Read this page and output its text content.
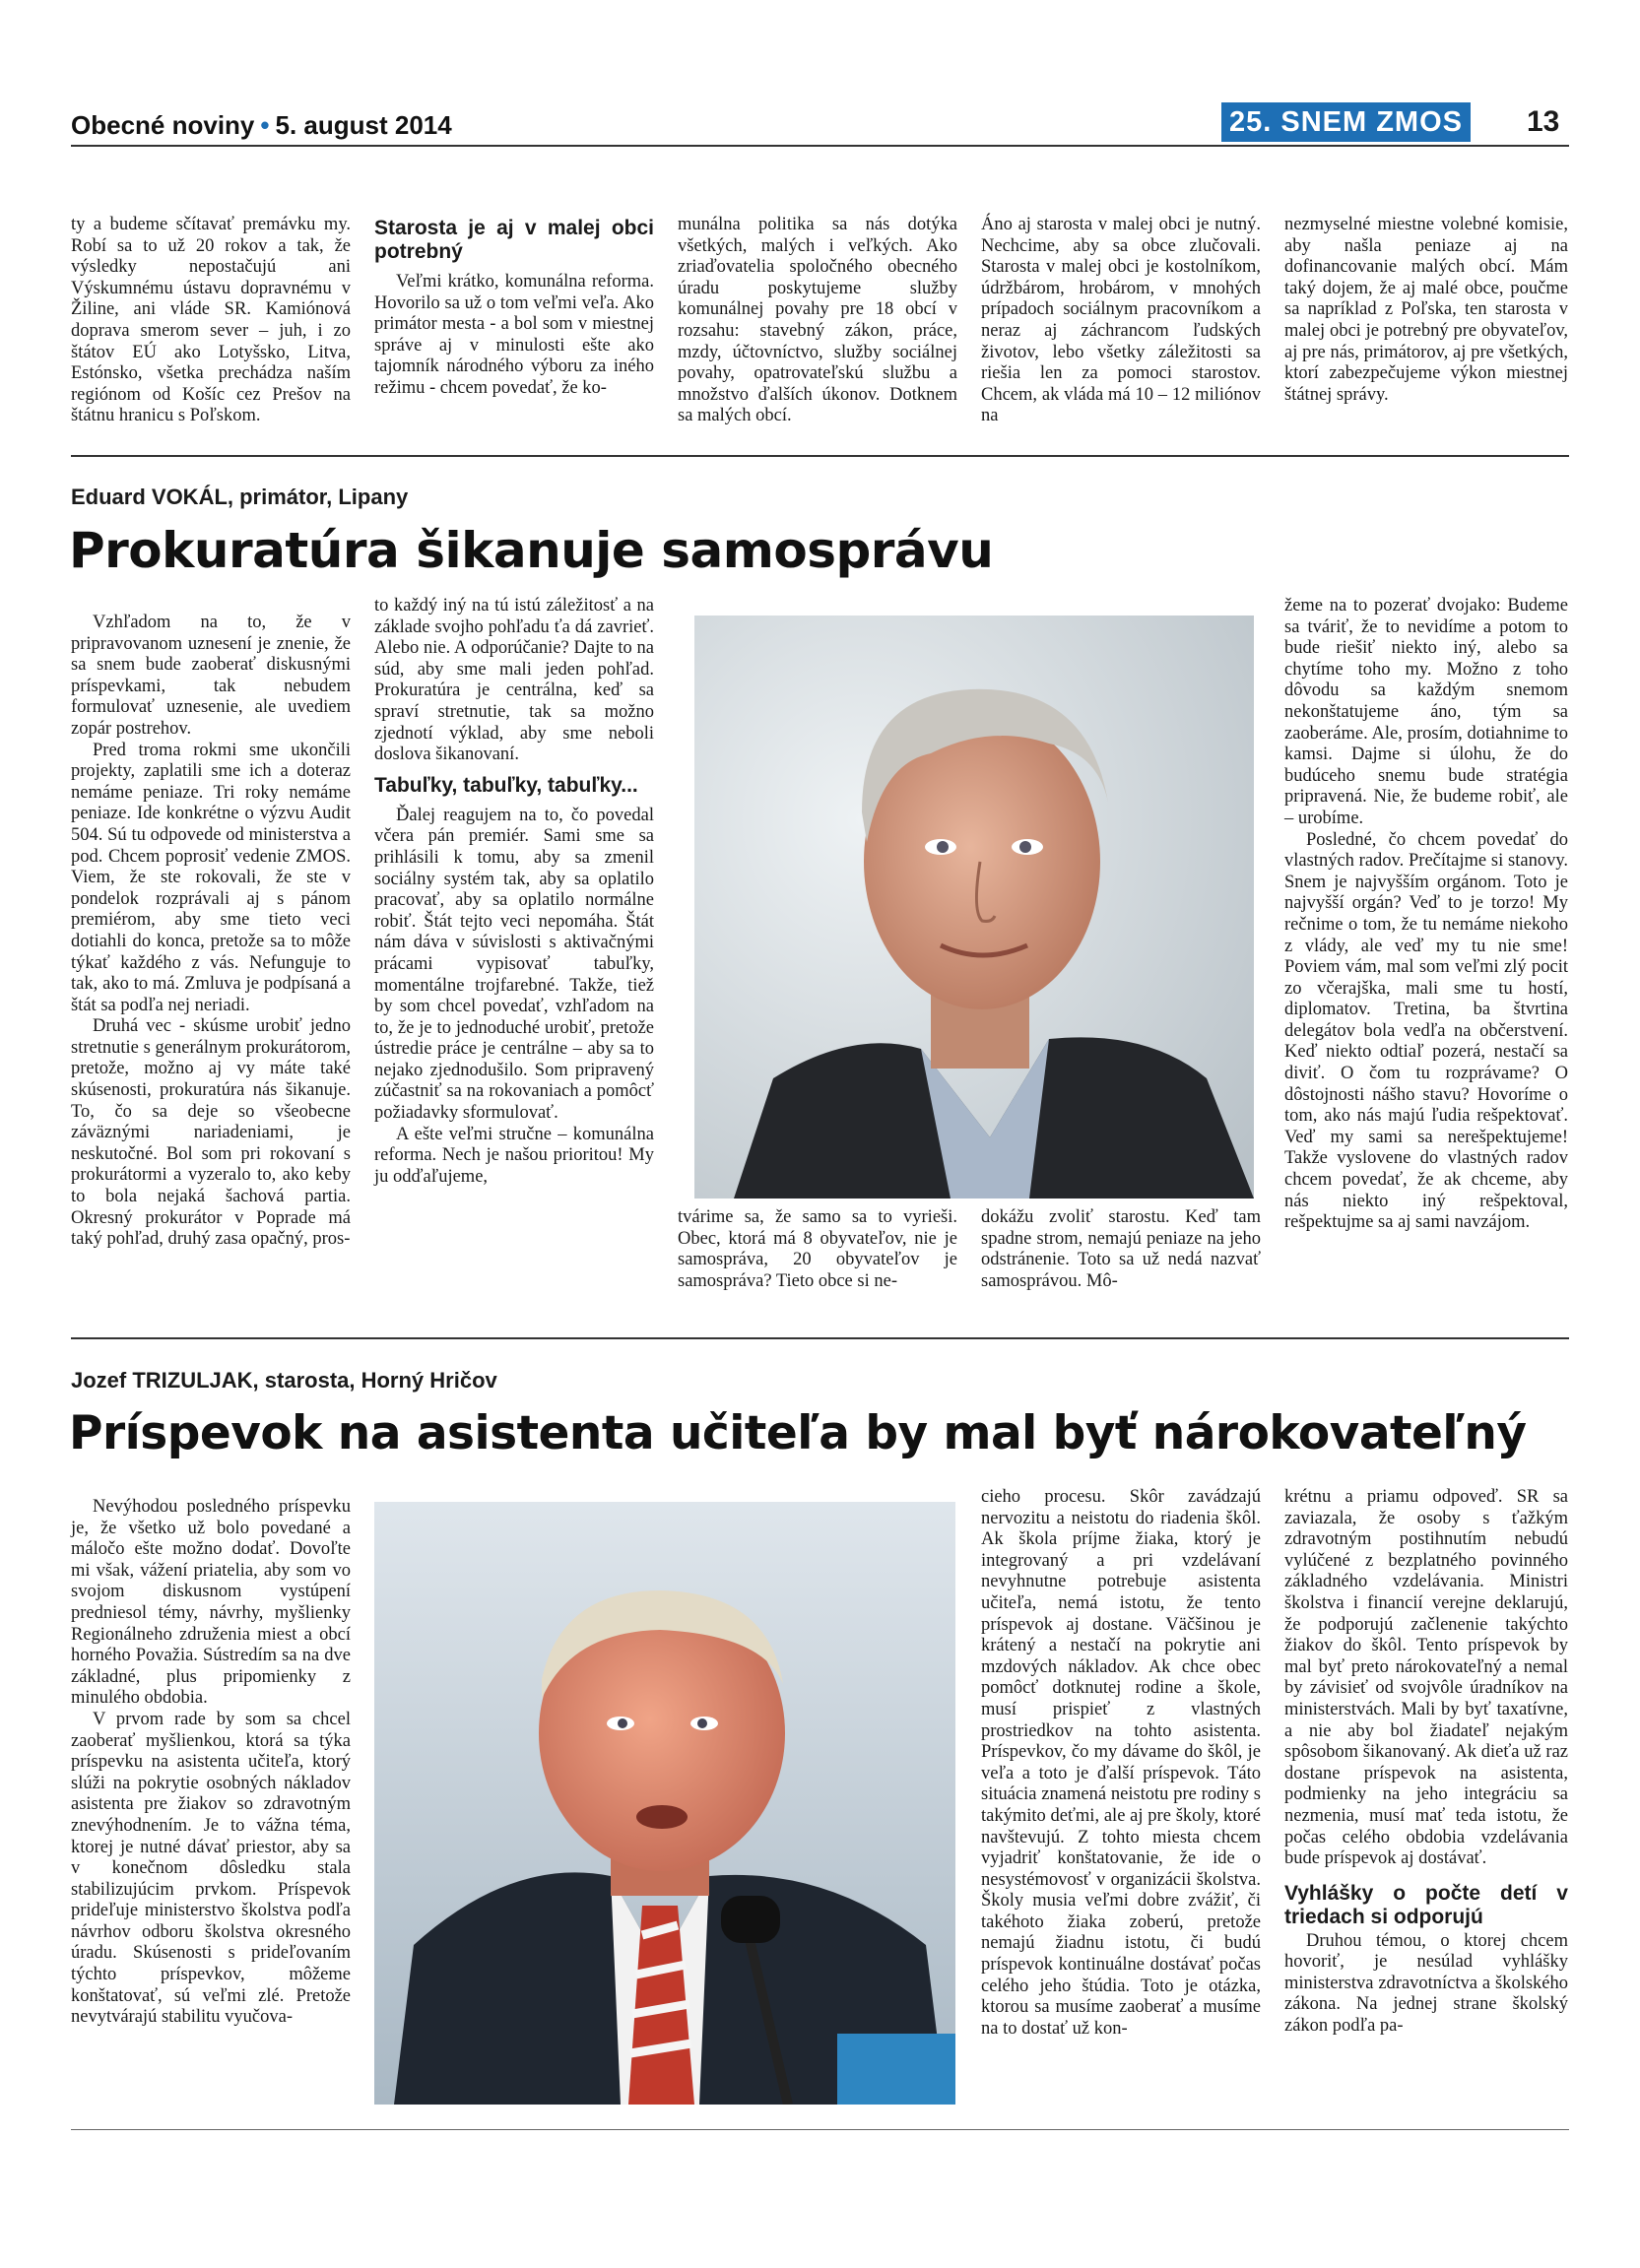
Obecné noviny • 5. august 2014	25. SNEM ZMOS 13

ty a budeme sčítavať premávku my. Robí sa to už 20 rokov a tak, že výsledky nepostačujú ani Výskumnému ústavu dopravnému v Žiline, ani vláde SR. Kamiónová doprava smerom sever – juh, i zo štátov EÚ ako Lotyšsko, Litva, Estónsko, všetka prechádza naším regiónom od Košíc cez Prešov na štátnu hranicu s Poľskom.

Starosta je aj v malej obci potrebný

Veľmi krátko, komunálna reforma. Hovorilo sa už o tom veľmi veľa. Ako primátor mesta - a bol som v miestnej správe aj v minulosti ešte ako tajomník národného výboru za iného režimu - chcem povedať, že ko-

munálna politika sa nás dotýka všetkých, malých i veľkých. Ako zriaďovatelia spoločného obecného úradu poskytujeme služby komunálnej povahy pre 18 obcí v rozsahu: stavebný zákon, práce, mzdy, účtovníctvo, služby sociálnej povahy, opatrovateľskú službu a množstvo ďalších úkonov. Dotknem sa malých obcí.

Áno aj starosta v malej obci je nutný. Nechcime, aby sa obce zlučovali. Starosta v malej obci je kostolníkom, údržbárom, hrobárom, v mnohých prípadoch sociálnym pracovníkom a neraz aj záchrancom ľudských životov, lebo všetky záležitosti sa riešia len za pomoci starostov. Chcem, ak vláda má 10 – 12 miliónov na

nezmyselné miestne volebné komisie, aby našla peniaze aj na dofinancovanie malých obcí. Mám taký dojem, že aj malé obce, poučme sa napríklad z Poľska, ten starosta v malej obci je potrebný pre obyvateľov, aj pre nás, primátorov, aj pre všetkých, ktorí zabezpečujeme výkon miestnej štátnej správy.

Eduard VOKÁL, primátor, Lipany
Prokuratúra šikanuje samosprávu

Vzhľadom na to, že v pripravovanom uznesení je znenie, že sa snem bude zaoberať diskusnými príspevkami, tak nebudem formulovať uznesenie, ale uvediem zopár postrehov.

Pred troma rokmi sme ukončili projekty, zaplatili sme ich a doteraz nemáme peniaze. Tri roky nemáme peniaze. Ide konkrétne o výzvu Audit 504. Sú tu odpovede od ministerstva a pod. Chcem poprosiť vedenie ZMOS. Viem, že ste rokovali, že ste v pondelok rozprávali aj s pánom premiérom, aby sme tieto veci dotiahli do konca, pretože sa to môže týkať každého z vás. Nefunguje to tak, ako to má. Zmluva je podpísaná a štát sa podľa nej neriadi.

Druhá vec - skúsme urobiť jedno stretnutie s generálnym prokurátorom, pretože, možno aj vy máte také skúsenosti, prokuratúra nás šikanuje. To, čo sa deje so všeobecne záväznými nariadeniami, je neskutočné. Bol som pri rokovaní s prokurátormi a vyzeralo to, ako keby to bola nejaká šachová partia. Okresný prokurátor v Poprade má taký pohľad, druhý zasa opačný, pros-

to každý iný na tú istú záležitosť a na základe svojho pohľadu ťa dá zavrieť. Alebo nie. A odporúčanie? Dajte to na súd, aby sme mali jeden pohľad. Prokuratúra je centrálna, keď sa spraví stretnutie, tak sa možno zjednotí výklad, aby sme neboli doslova šikanovaní.

Tabuľky, tabuľky, tabuľky...

Ďalej reagujem na to, čo povedal včera pán premiér. Sami sme sa prihlásili k tomu, aby sa zmenil sociálny systém tak, aby sa oplatilo pracovať, aby sa oplatilo normálne robiť. Štát tejto veci nepomáha. Štát nám dáva v súvislosti s aktivačnými prácami vypisovať tabuľky, momentálne trojfarebné. Takže, tiež by som chcel povedať, vzhľadom na to, že je to jednoduché urobiť, pretože ústredie práce je centrálne – aby sa to nejako zjednodušilo. Som pripravený zúčastniť sa na rokovaniach a pomôcť požiadavky sformulovať.

A ešte veľmi stručne – komunálna reforma. Nech je našou prioritou! My ju odďaľujeme,

tvárime sa, že samo sa to vyrieši. Obec, ktorá má 8 obyvateľov, nie je samospráva, 20 obyvateľov je samospráva? Tieto obce si ne-

dokážu zvoliť starostu. Keď tam spadne strom, nemajú peniaze na jeho odstránenie. Toto sa už nedá nazvať samosprávou. Mô-

žeme na to pozerať dvojako: Budeme sa tváriť, že to nevidíme a potom to bude riešiť niekto iný, alebo sa chytíme toho my. Možno z toho dôvodu sa každým snemom nekonštatujeme áno, tým sa zaoberáme. Ale, prosím, dotiahnime to kamsi. Dajme si úlohu, že do budúceho snemu bude stratégia pripravená. Nie, že budeme robiť, ale – urobíme.

Posledné, čo chcem povedať do vlastných radov. Prečítajme si stanovy. Snem je najvyšším orgánom. Toto je najvyšší orgán? Veď to je torzo! My rečnime o tom, že tu nemáme niekoho z vlády, ale veď my tu nie sme! Poviem vám, mal som veľmi zlý pocit zo včerajška, mali sme tu hostí, diplomatov. Tretina, ba štvrtina delegátov bola vedľa na občerstvení. Keď niekto odtiaľ pozerá, nestačí sa diviť. O čom tu rozprávame? O dôstojnosti nášho stavu? Hovoríme o tom, ako nás majú ľudia rešpektovať. Veď my sami sa nerešpektujeme! Takže vyslovene do vlastných radov chcem povedať, že ak chceme, aby nás niekto iný rešpektoval, rešpektujme sa aj sami navzájom.

Jozef TRIZULJAK, starosta, Horný Hričov
Príspevok na asistenta učiteľa by mal byť nárokovateľný

Nevýhodou posledného príspevku je, že všetko už bolo povedané a máločo ešte možno dodať. Dovoľte mi však, vážení priatelia, aby som vo svojom diskusnom vystúpení predniesol témy, návrhy, myšlienky Regionálneho združenia miest a obcí horného Považia. Sústredím sa na dve základné, plus pripomienky z minulého obdobia.

V prvom rade by som sa chcel zaoberať myšlienkou, ktorá sa týka príspevku na asistenta učiteľa, ktorý slúži na pokrytie osobných nákladov asistenta pre žiakov so zdravotným znevýhodnením. Je to vážna téma, ktorej je nutné dávať priestor, aby sa v konečnom dôsledku stala stabilizujúcim prvkom. Príspevok prideľuje ministerstvo školstva podľa návrhov odboru školstva okresného úradu. Skúsenosti s prideľovaním týchto príspevkov, môžeme konštatovať, sú veľmi zlé. Pretože nevytvárajú stabilitu vyučova-

cieho procesu. Skôr zavádzajú nervozitu a neistotu do riadenia škôl. Ak škola príjme žiaka, ktorý je integrovaný a pri vzdelávaní nevyhnutne potrebuje asistenta učiteľa, nemá istotu, že tento príspevok aj dostane. Väčšinou je krátený a nestačí na pokrytie ani mzdových nákladov. Ak chce obec pomôcť dotknutej rodine a škole, musí prispieť z vlastných prostriedkov na tohto asistenta. Príspevkov, čo my dávame do škôl, je veľa a toto je ďalší príspevok. Táto situácia znamená neistotu pre rodiny s takýmito deťmi, ale aj pre školy, ktoré navštevujú. Z tohto miesta chcem vyjadriť konštatovanie, že ide o nesystémovosť v organizácii školstva. Školy musia veľmi dobre zvážiť, či takéhoto žiaka zoberú, pretože nemajú žiadnu istotu, či budú príspevok kontinuálne dostávať počas celého jeho štúdia. Toto je otázka, ktorou sa musíme zaoberať a musíme na to dostať už kon-

krétnu a priamu odpoveď. SR sa zaviazala, že osoby s ťažkým zdravotným postihnutím nebudú vylúčené z bezplatného povinného základného vzdelávania. Ministri školstva i financií verejne deklarujú, že podporujú začlenenie takýchto žiakov do škôl. Tento príspevok by mal byť preto nárokovateľný a nemal by závisieť od svojvôle úradníkov na ministerstvách. Mali by byť taxatívne, a nie aby bol žiadateľ nejakým spôsobom šikanovaný. Ak dieťa už raz dostane príspevok na asistenta, podmienky na jeho integráciu sa nezmenia, musí mať teda istotu, že počas celého obdobia vzdelávania bude príspevok aj dostávať.

Vyhlášky o počte detí v triedach si odporujú

Druhou témou, o ktorej chcem hovoriť, je nesúlad vyhlášky ministerstva zdravotníctva a školského zákona. Na jednej strane školský zákon podľa pa-
